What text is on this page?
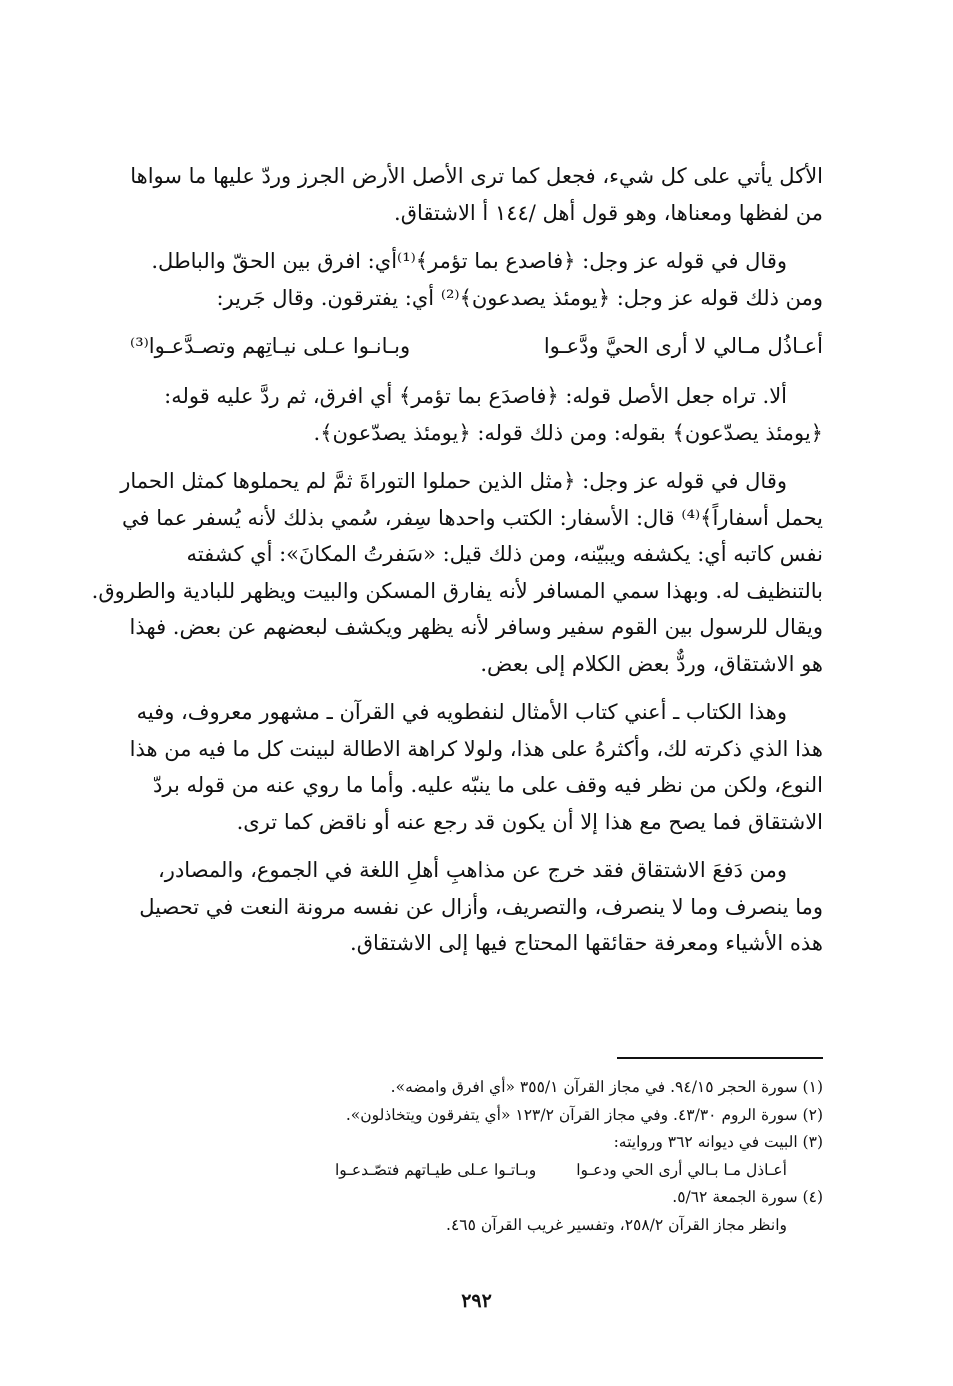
الأكل يأتي على كل شيء، فجعل كما ترى الأصل الأرض الجرز وردّ عليها ما سواها
من لفظها ومعناها، وهو قول أهل /١٤٤ أ الاشتقاق.

وقال في قوله عز وجل: ﴿فاصدع بما تؤمر﴾⁽¹⁾أي: افرق بين الحقّ والباطل.
ومن ذلك قوله عز وجل: ﴿يومئذ يصدعون﴾⁽²⁾ أي: يفترقون. وقال جَرير:

أعـاذُل مـالي لا أرى الحيَّ ودَّعـوا
وبـانـوا عـلى نيـاتِهم وتصـدَّعـوا⁽³⁾

ألا. تراه جعل الأصل قوله: ﴿فاصدَع بما تؤمر﴾ أي افرق، ثم ردَّ عليه قوله:
﴿يومئذ يصدّعون﴾ بقوله: ومن ذلك قوله: ﴿يومئذ يصدّعون﴾.

وقال في قوله عز وجل: ﴿مثل الذين حملوا التوراةَ ثمَّ لم يحملوها كمثل الحمار
يحمل أسفاراً﴾⁽⁴⁾ قال: الأسفار: الكتب واحدها سِفر، سُمي بذلك لأنه يُسفر عما في
نفس كاتبه أي: يكشفه ويبيّنه، ومن ذلك قيل: «سَفرتُ المكانَ»: أي كشفته
بالتنظيف له. وبهذا سمي المسافر لأنه يفارق المسكن والبيت ويظهر للبادية والطروق.
ويقال للرسول بين القوم سفير وسافر لأنه يظهر ويكشف لبعضهم عن بعض. فهذا
هو الاشتقاق، وردٌّ بعض الكلام إلى بعض.

وهذا الكتاب ـ أعني كتاب الأمثال لنفطويه في القرآن ـ مشهور معروف، وفيه
هذا الذي ذكرته لك، وأكثرهُ على هذا، ولولا كراهة الاطالة لبينت كل ما فيه من هذا
النوع، ولكن من نظر فيه وقف على ما ينبّه عليه. وأما ما روي عنه من قوله بردّ
الاشتقاق فما يصح مع هذا إلا أن يكون قد رجع عنه أو ناقض كما ترى.

ومن دَفعَ الاشتقاق فقد خرج عن مذاهبِ أهلِ اللغة في الجموع، والمصادر،
وما ينصرف وما لا ينصرف، والتصريف، وأزال عن نفسه مرونة النعت في تحصيل
هذه الأشياء ومعرفة حقائقها المحتاج فيها إلى الاشتقاق.

(١) سورة الحجر ٩٤/١٥. في مجاز القرآن ٣٥٥/١ «أي افرق وامضه».
(٢) سورة الروم ٤٣/٣٠. وفي مجاز القرآن ١٢٣/٢ «أي يتفرقون ويتخاذلون».
(٣) البيت في ديوانه ٣٦٢ وروايته:
أعـاذل مـا بـالي أرى الحي ودعـوا
وبـاتـوا عـلى طيـاتهم فتصّـدعـوا
(٤) سورة الجمعة ٥/٦٢.
وانظر مجاز القرآن ٢٥٨/٢، وتفسير غريب القرآن ٤٦٥.
٢٩٢
